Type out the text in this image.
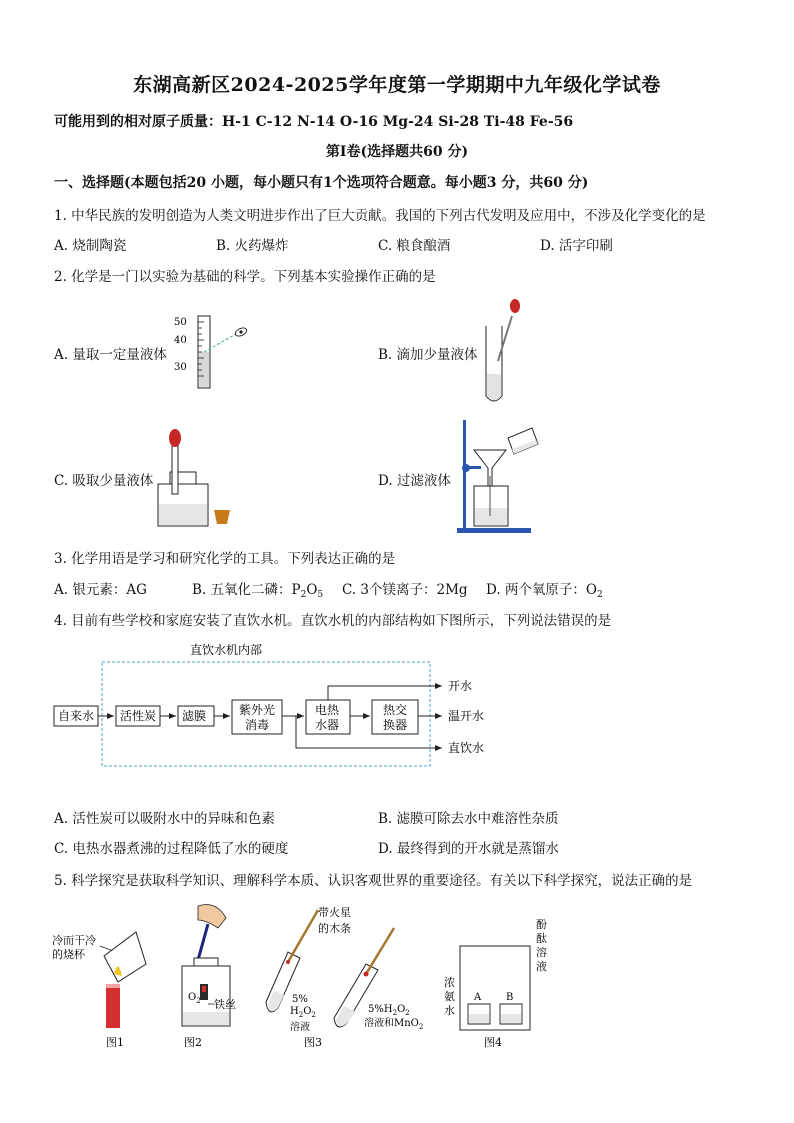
东湖高新区2024-2025学年度第一学期期中九年级化学试卷
可能用到的相对原子质量：H-1 C-12 N-14 O-16 Mg-24 Si-28 Ti-48 Fe-56
第Ⅰ卷(选择题共60 分)
一、选择题(本题包括20 小题，每小题只有1个选项符合题意。每小题3 分，共60 分)
1. 中华民族的发明创造为人类文明进步作出了巨大贡献。我国的下列古代发明及应用中，不涉及化学变化的是
A. 烧制陶瓷	B. 火药爆炸	C. 粮食酿酒	D. 活字印刷
2. 化学是一门以实验为基础的科学。下列基本实验操作正确的是
A. 量取一定量液体
50
40
30
B. 滴加少量液体
C. 吸取少量液体	D. 过滤液体
3. 化学用语是学习和研究化学的工具。下列表达正确的是
A. 银元素：AG	B. 五氧化二磷：$P_2O_5$ C. 3个镁离子：2Mg D. 两个氧原子：$O_2$
4. 目前有些学校和家庭安装了直饮水机。直饮水机的内部结构如下图所示，下列说法错误的是
直饮水机内部
自来水 活性炭 滤膜	紫外光
消毒
电热
水器
热交
换器
开水
温开水
直饮水
A. 活性炭可以吸附水中的异味和色素	B. 滤膜可除去水中难溶性杂质
C. 电热水器煮沸的过程降低了水的硬度	D. 最终得到的开水就是蒸馏水
5. 科学探究是获取科学知识、理解科学本质、认识客观世界的重要途径。有关以下科学探究，说法正确的是
冷而干冷
的烧杯
图1
$O_2$ 铁丝
图2
5%
$H_2O_2$
溶液
带火星
的木条
$5\%H_2O_2$
溶液和MnO$_2$
图3
A B
浓
氨
水
酚
酞
溶
液
图4
